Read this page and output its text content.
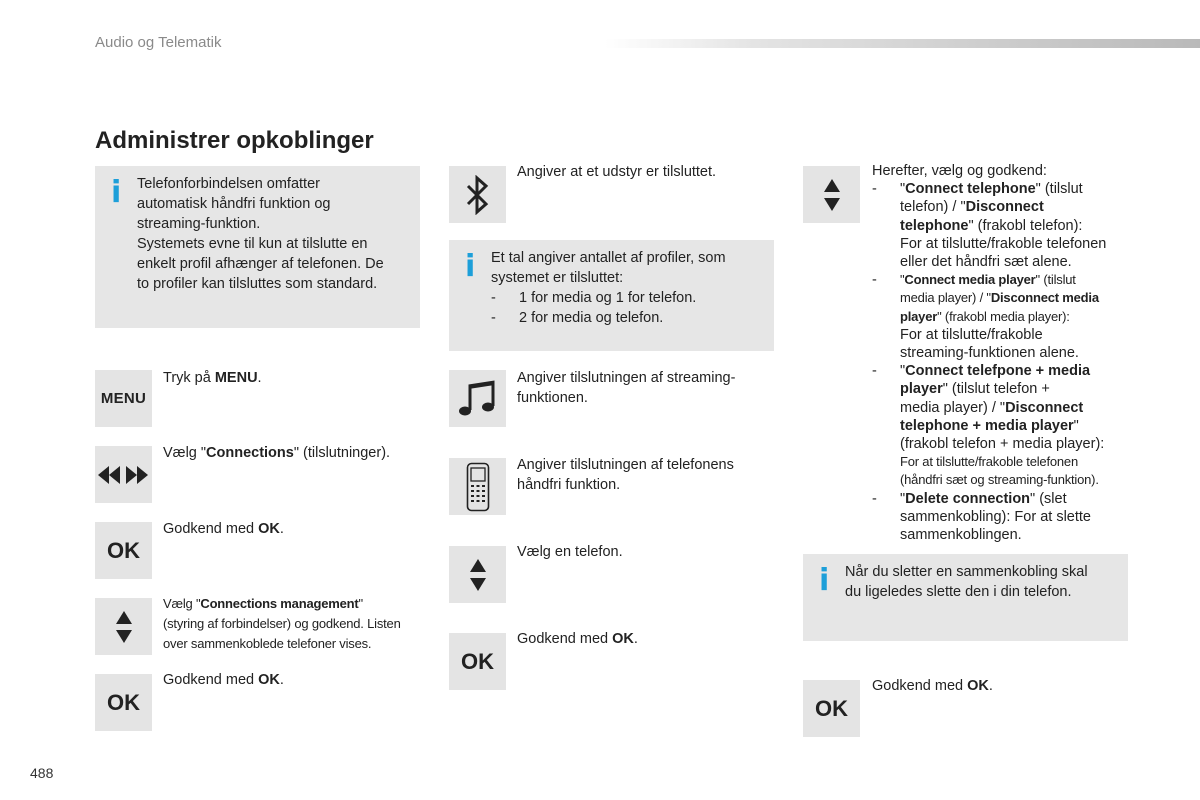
Audio og Telematik
Administrer opkoblinger
i Telefonforbindelsen omfatter
automatisk håndfri funktion og
streaming-funktion.
Systemets evne til kun at tilslutte en
enkelt profil afhænger af telefonen. De
to profiler kan tilsluttes som standard.
MENU
Tryk på MENU.
Vælg "Connections" (tilslutninger).
OK
Godkend med OK.
Vælg "Connections management"
(styring af forbindelser) og godkend. Listen
over sammenkoblede telefoner vises.
OK
Godkend med OK.
Angiver at et udstyr er tilsluttet.
i Et tal angiver antallet af profiler, som
systemet er tilsluttet:
- 1 for media og 1 for telefon.
- 2 for media og telefon.
Angiver tilslutningen af streaming-
funktionen.
Angiver tilslutningen af telefonens
håndfri funktion.
Vælg en telefon.
OK
Godkend med OK.
Herefter, vælg og godkend:
- "Connect telephone" (tilslut
telefon) / "Disconnect
telephone" (frakobl telefon):
For at tilslutte/frakoble telefonen
eller det håndfri sæt alene.
- "Connect media player" (tilslut
media player) / "Disconnect media
player" (frakobl media player):
For at tilslutte/frakoble
streaming-funktionen alene.
- "Connect telefpone + media
player" (tilslut telefon +
media player) / "Disconnect
telephone + media player"
(frakobl telefon + media player):
For at tilslutte/frakoble telefonen
(håndfri sæt og streaming-funktion).
- "Delete connection" (slet
sammenkobling): For at slette
sammenkoblingen.
i Når du sletter en sammenkobling skal
du ligeledes slette den i din telefon.
OK
Godkend med OK.
488
